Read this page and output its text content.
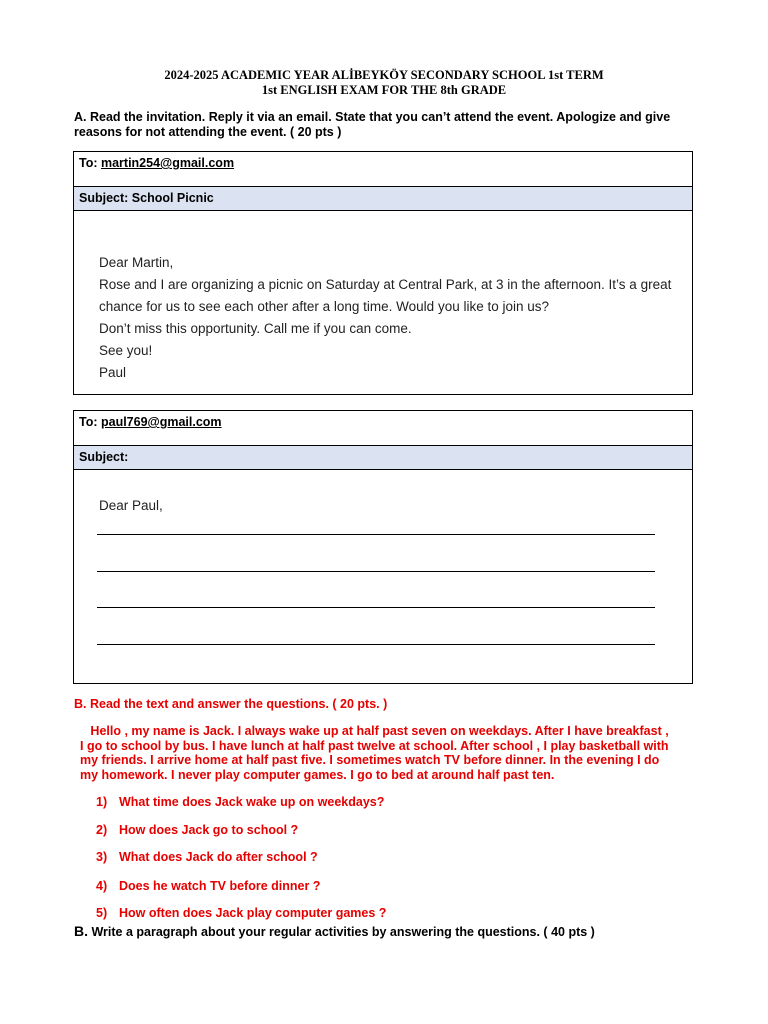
2024-2025 ACADEMIC YEAR ALİBEYKÖY SECONDARY SCHOOL 1st TERM
1st ENGLISH EXAM FOR THE 8th GRADE
A. Read the invitation. Reply it via an email. State that you can’t attend the event. Apologize and give
reasons for not attending the event. ( 20 pts )
To: martin254@gmail.com
Subject: School Picnic
Dear Martin,
Rose and I are organizing a picnic on Saturday at Central Park, at 3 in the afternoon. It’s a great
chance for us to see each other after a long time. Would you like to join us?
Don’t miss this opportunity. Call me if you can come.
See you!
Paul
To: paul769@gmail.com
Subject:
Dear Paul,
B. Read the text and answer the questions. ( 20 pts. )
Hello , my name is Jack. I always wake up at half past seven on weekdays. After I have breakfast ,
I go to school by bus. I have lunch at half past twelve at school. After school , I play basketball with
my friends. I arrive home at half past five. I sometimes watch TV before dinner. In the evening I do
my homework. I never play computer games. I go to bed at around half past ten.
1) What time does Jack wake up on weekdays?
2) How does Jack go to school ?
3) What does Jack do after school ?
4) Does he watch TV before dinner ?
5) How often does Jack play computer games ?
B. Write a paragraph about your regular activities by answering the questions. ( 40 pts )
